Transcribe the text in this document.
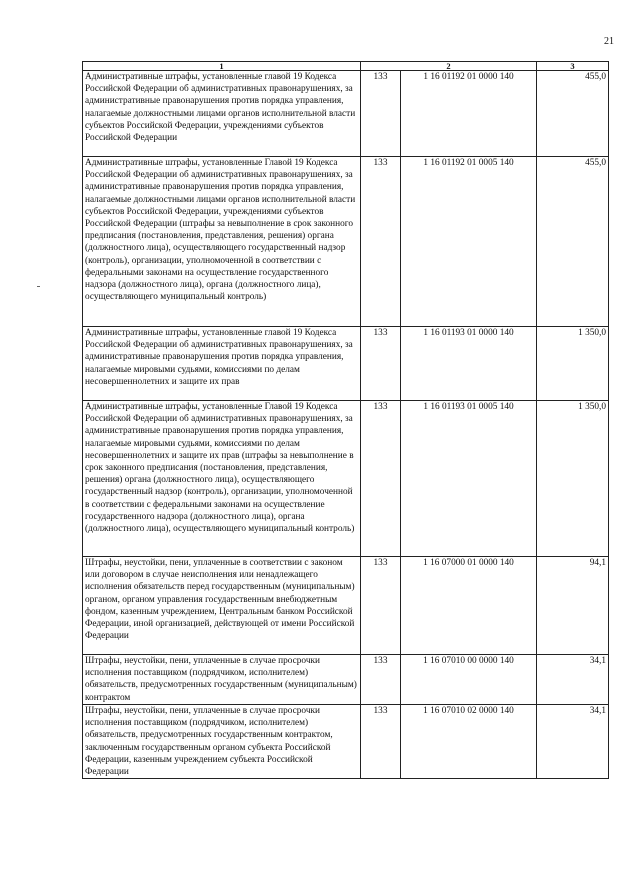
21
1	2		3
Административные штрафы, установленные главой 19 Кодекса Российской Федерации об административных правонарушениях, за административные правонарушения против порядка управления, налагаемые должностными лицами органов исполнительной власти субъектов Российской Федерации, учреждениями субъектов Российской Федерации	133	1 16 01192 01 0000 140	455,0
Административные штрафы, установленные Главой 19 Кодекса Российской Федерации об административных правонарушениях, за административные правонарушения против порядка управления, налагаемые должностными лицами органов исполнительной власти субъектов Российской Федерации, учреждениями субъектов Российской Федерации (штрафы за невыполнение в срок законного предписания (постановления, представления, решения) органа (должностного лица), осуществляющего государственный надзор (контроль), организации, уполномоченной в соответствии с федеральными законами на осуществление государственного надзора (должностного лица), органа (должностного лица), осуществляющего муниципальный контроль)	133	1 16 01192 01 0005 140	455,0
Административные штрафы, установленные главой 19 Кодекса Российской Федерации об административных правонарушениях, за административные правонарушения против порядка управления, налагаемые мировыми судьями, комиссиями по делам несовершеннолетних и защите их прав	133	1 16 01193 01 0000 140	1 350,0
Административные штрафы, установленные Главой 19 Кодекса Российской Федерации об административных правонарушениях, за административные правонарушения против порядка управления, налагаемые мировыми судьями, комиссиями по делам несовершеннолетних и защите их прав (штрафы за невыполнение в срок законного предписания (постановления, представления, решения) органа (должностного лица), осуществляющего государственный надзор (контроль), организации, уполномоченной в соответствии с федеральными законами на осуществление государственного надзора (должностного лица), органа (должностного лица), осуществляющего муниципальный контроль)	133	1 16 01193 01 0005 140	1 350,0
Штрафы, неустойки, пени, уплаченные в соответствии с законом или договором в случае неисполнения или ненадлежащего исполнения обязательств перед государственным (муниципальным) органом, органом управления государственным внебюджетным фондом, казенным учреждением, Центральным банком Российской Федерации, иной организацией, действующей от имени Российской Федерации	133	1 16 07000 01 0000 140	94,1
Штрафы, неустойки, пени, уплаченные в случае просрочки исполнения поставщиком (подрядчиком, исполнителем) обязательств, предусмотренных государственным (муниципальным) контрактом	133	1 16 07010 00 0000 140	34,1
Штрафы, неустойки, пени, уплаченные в случае просрочки исполнения поставщиком (подрядчиком, исполнителем) обязательств, предусмотренных государственным контрактом, заключенным государственным органом субъекта Российской Федерации, казенным учреждением субъекта Российской Федерации	133	1 16 07010 02 0000 140	34,1
